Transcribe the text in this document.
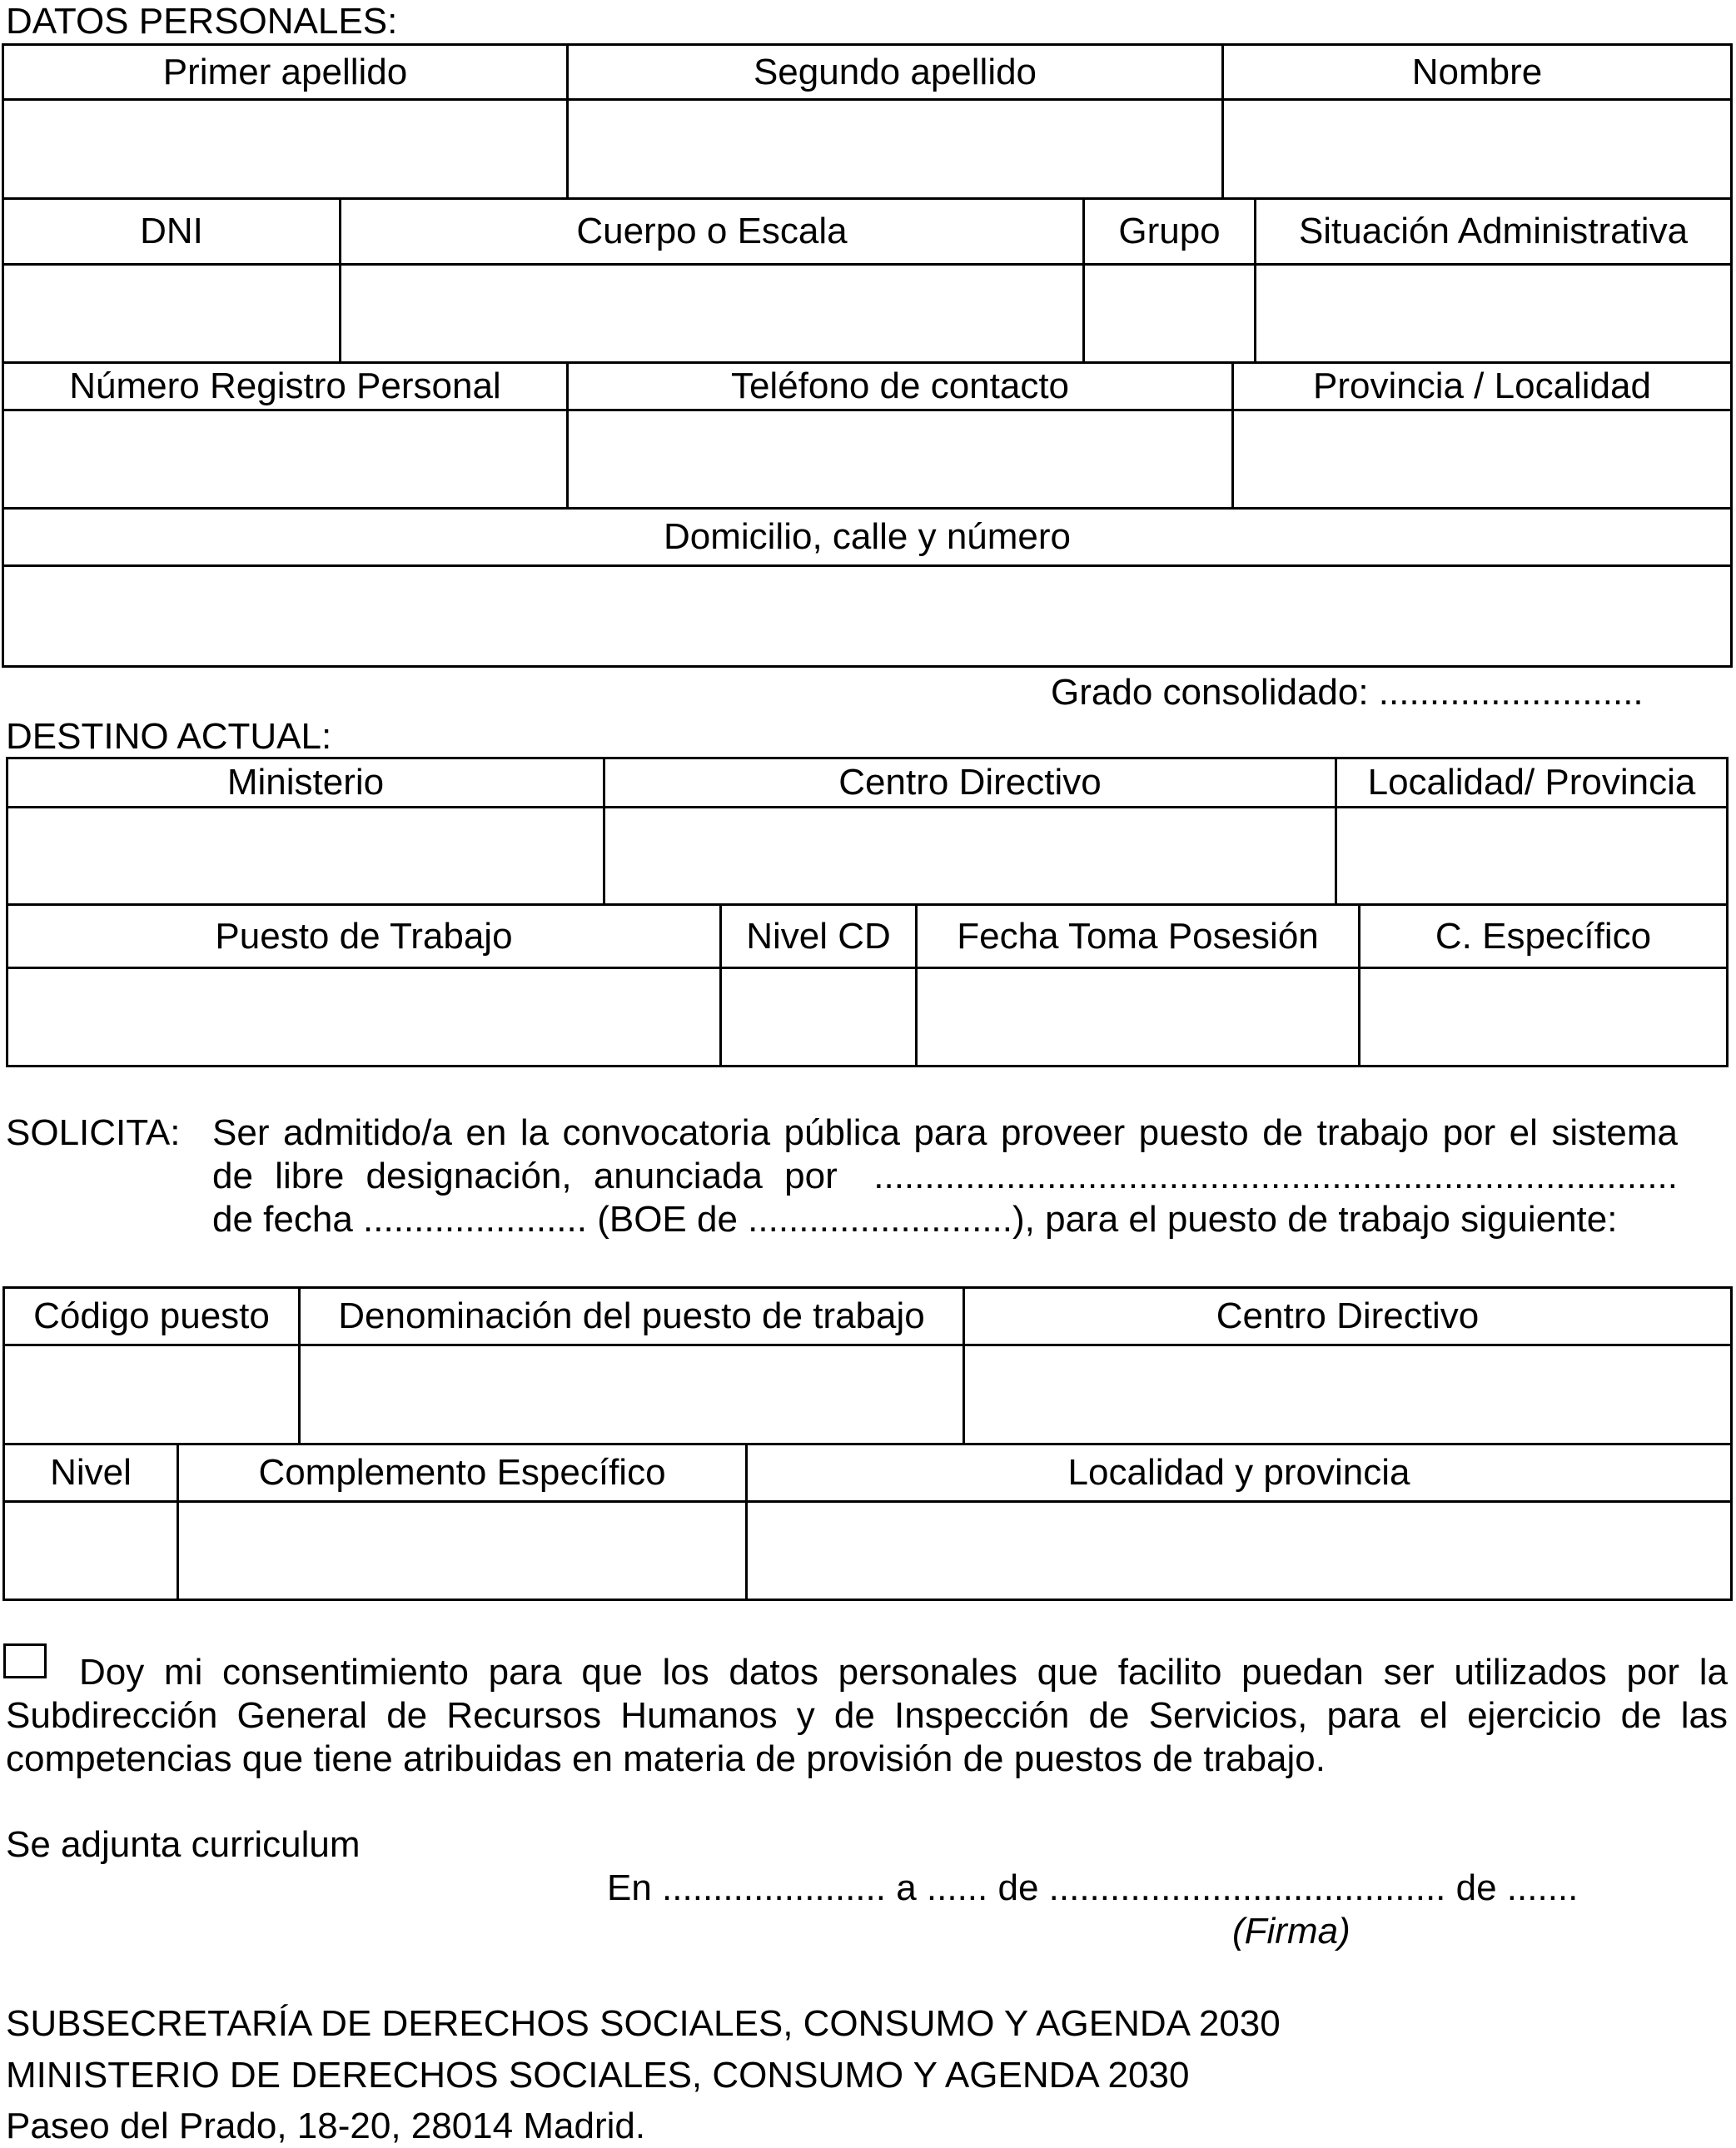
DATOS PERSONALES:
Primer apellido	Segundo apellido	Nombre
DNI	Cuerpo o Escala	Grupo	Situación Administrativa
Número Registro Personal	Teléfono de contacto	Provincia / Localidad
Domicilio, calle y número
Grado consolidado: ..........................
DESTINO ACTUAL:
Ministerio	Centro Directivo	Localidad/ Provincia
Puesto de Trabajo	Nivel CD	Fecha Toma Posesión	C. Específico
SOLICITA: Ser admitido/a en la convocatoria pública para proveer puesto de trabajo por el sistema
de libre designación, anunciada por ...............................................................................
de fecha ...................... (BOE de ..........................), para el puesto de trabajo siguiente:
Código puesto	Denominación del puesto de trabajo	Centro Directivo
Nivel	Complemento Específico	Localidad y provincia
Doy mi consentimiento para que los datos personales que facilito puedan ser utilizados por la Subdirección General de Recursos Humanos y de Inspección de Servicios, para el ejercicio de las competencias que tiene atribuidas en materia de provisión de puestos de trabajo.
Se adjunta curriculum
En ...................... a ...... de ....................................... de .......
(Firma)
SUBSECRETARÍA DE DERECHOS SOCIALES, CONSUMO Y AGENDA 2030
MINISTERIO DE DERECHOS SOCIALES, CONSUMO Y AGENDA 2030
Paseo del Prado, 18-20, 28014 Madrid.
